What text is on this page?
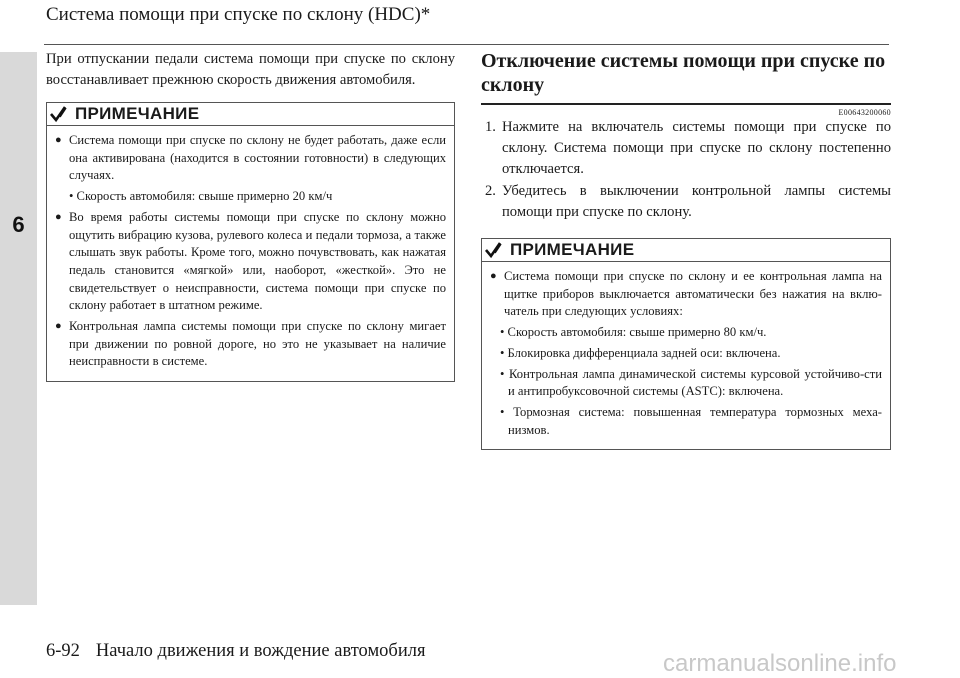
6
Система помощи при спуске по склону (HDC)*

При отпускании педали система помощи при спуске по склону восстанавливает прежнюю скорость движения автомобиля.

ПРИМЕЧАНИЕ

● Система помощи при спуске по склону не будет работать, даже если она активирована (находится в состоянии готовности) в следующих случаях.

• Скорость автомобиля: свыше примерно 20 км/ч

● Во время работы системы помощи при спуске по склону можно ощутить вибрацию кузова, рулевого колеса и педали тормоза, а также слышать звук работы. Кроме того, можно почувствовать, как нажатая педаль становится «мягкой» или, наоборот, «жесткой». Это не свидетельствует о неисправности, система помощи при спуске по склону работает в штатном режиме.

● Контрольная лампа системы помощи при спуске по склону мигает при движении по ровной дороге, но это не указывает на наличие неисправности в системе.

Отключение системы помощи при спуске по склону
E00643200060

1. Нажмите на включатель системы помощи при спуске по склону. Система помощи при спуске по склону постепенно отключается.

2. Убедитесь в выключении контрольной лампы системы помощи при спуске по склону.

ПРИМЕЧАНИЕ

● Система помощи при спуске по склону и ее контрольная лампа на щитке приборов выключается автоматически без нажатия на вклю-чатель при следующих условиях:

• Скорость автомобиля: свыше примерно 80 км/ч.

• Блокировка дифференциала задней оси: включена.

• Контрольная лампа динамической системы курсовой устойчиво-сти и антипробуксовочной системы (ASTC): включена.

• Тормозная система: повышенная температура тормозных меха-низмов.

6-92 Начало движения и вождение автомобиля	carmanualsonline.info
